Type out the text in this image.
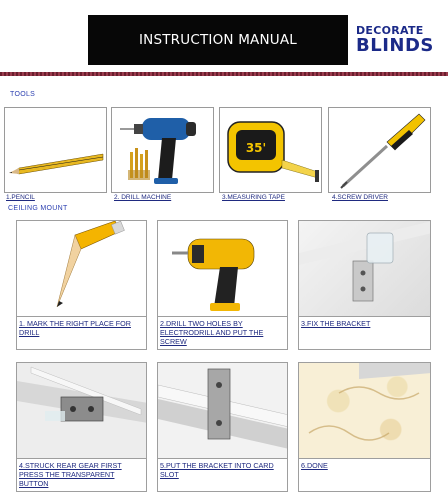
INSTRUCTION MANUAL
DECORATE
BLINDS
TOOLS
1.PENCIL	2. DRILL MACHINE
35'
3.MEASURING TAPE	4.SCREW DRIVER
CEILING MOUNT
1. MARK THE RIGHT PLACE FOR DRILL
2.DRILL TWO HOLES BY ELECTRODRILL AND PUT THE SCREW
3.FIX THE BRACKET
4.STRUCK REAR GEAR FIRST PRESS THE TRANSPARENT BUTTON
5.PUT THE BRACKET INTO CARD SLOT
6.DONE
